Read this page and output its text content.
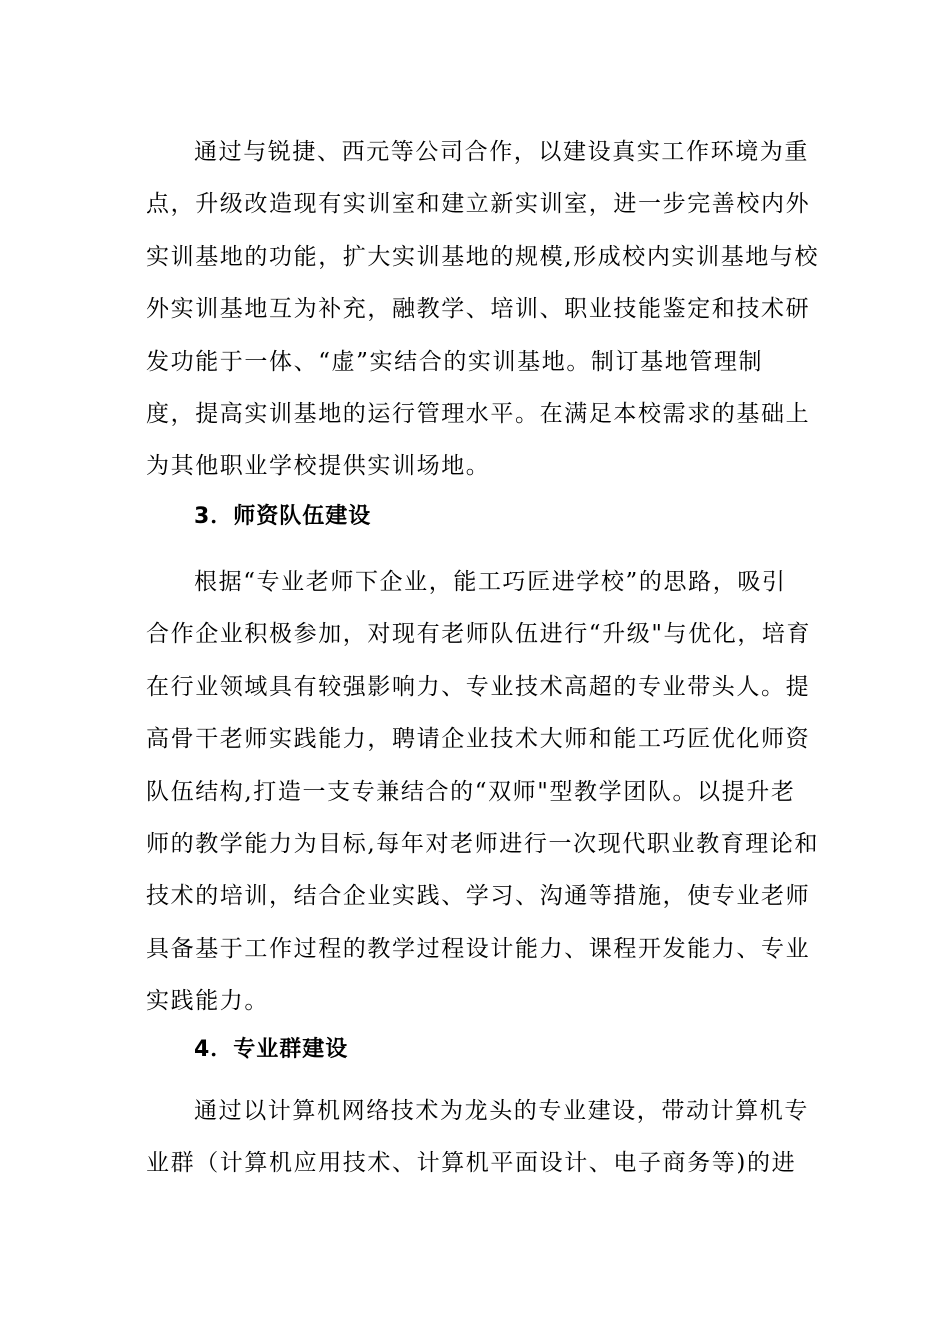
通过与锐捷、西元等公司合作，以建设真实工作环境为重
点，升级改造现有实训室和建立新实训室，进一步完善校内外
实训基地的功能，扩大实训基地的规模,形成校内实训基地与校
外实训基地互为补充，融教学、培训、职业技能鉴定和技术研
发功能于一体、“虚”实结合的实训基地。制订基地管理制
度，提高实训基地的运行管理水平。在满足本校需求的基础上
为其他职业学校提供实训场地。
3．师资队伍建设
根据“专业老师下企业，能工巧匠进学校”的思路，吸引
合作企业积极参加，对现有老师队伍进行“升级"与优化，培育
在行业领域具有较强影响力、专业技术高超的专业带头人。提
高骨干老师实践能力，聘请企业技术大师和能工巧匠优化师资
队伍结构,打造一支专兼结合的“双师"型教学团队。以提升老
师的教学能力为目标,每年对老师进行一次现代职业教育理论和
技术的培训，结合企业实践、学习、沟通等措施，使专业老师
具备基于工作过程的教学过程设计能力、课程开发能力、专业
实践能力。
4．专业群建设
通过以计算机网络技术为龙头的专业建设，带动计算机专
业群（计算机应用技术、计算机平面设计、电子商务等)的进
